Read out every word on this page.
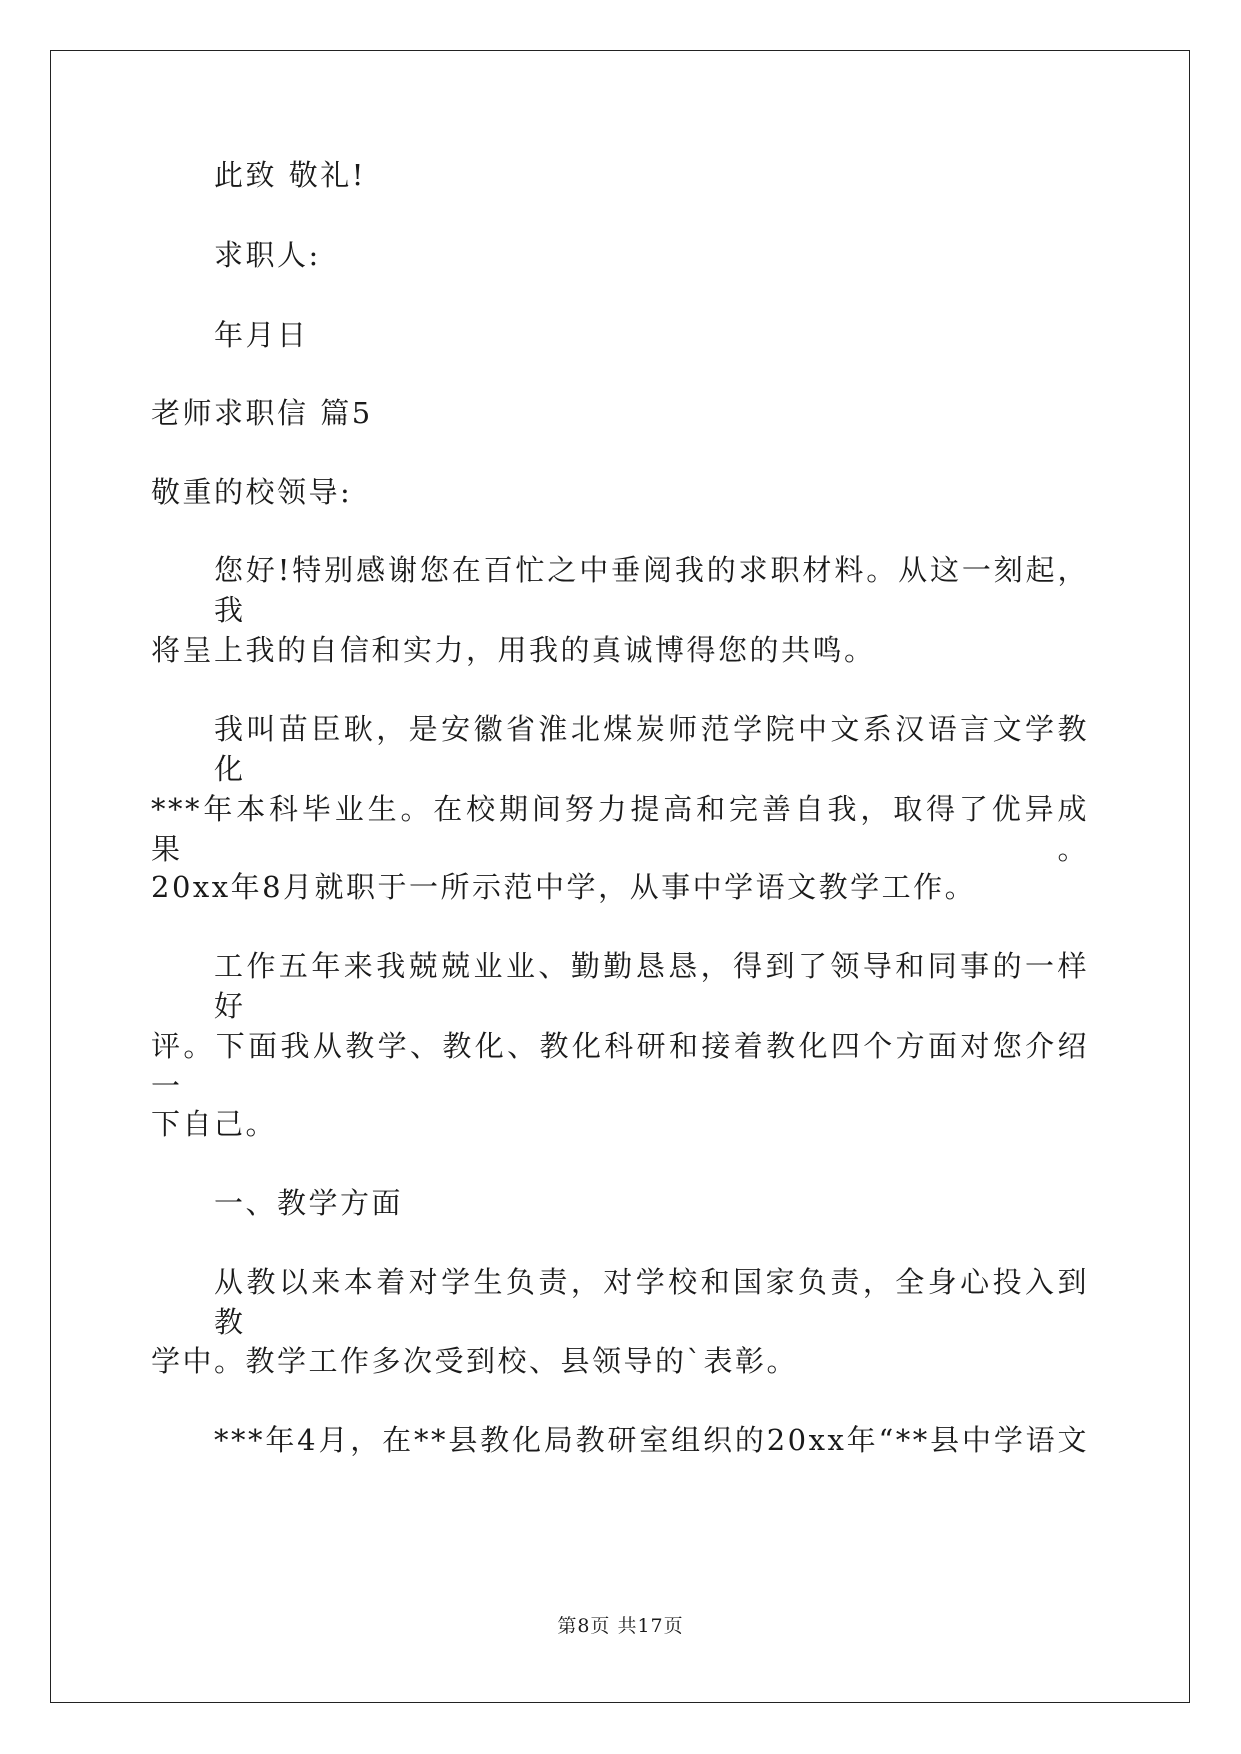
此致 敬礼!

求职人:

年月日

老师求职信 篇5

敬重的校领导:

您好!特别感谢您在百忙之中垂阅我的求职材料。从这一刻起，我

将呈上我的自信和实力，用我的真诚博得您的共鸣。

我叫苗臣耿，是安徽省淮北煤炭师范学院中文系汉语言文学教化

***年本科毕业生。在校期间努力提高和完善自我，取得了优异成果。

20xx年8月就职于一所示范中学，从事中学语文教学工作。

工作五年来我兢兢业业、勤勤恳恳，得到了领导和同事的一样好

评。下面我从教学、教化、教化科研和接着教化四个方面对您介绍一

下自己。

一、教学方面

从教以来本着对学生负责，对学校和国家负责，全身心投入到教

学中。教学工作多次受到校、县领导的`表彰。

***年4月，在**县教化局教研室组织的20xx年“**县中学语文

第8页 共17页
